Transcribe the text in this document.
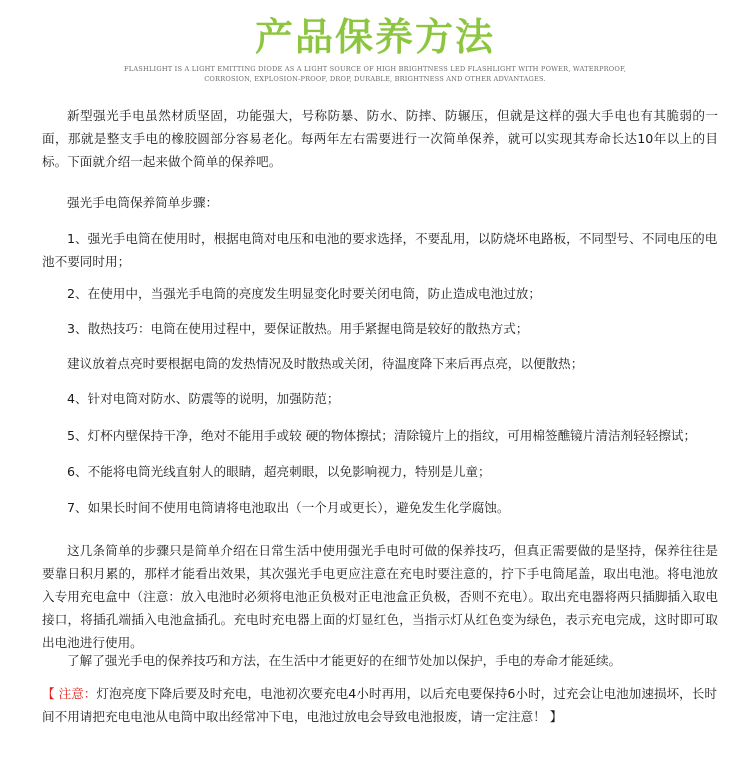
产品保养方法
FLASHLIGHT IS A LIGHT EMITTING DIODE AS A LIGHT SOURCE OF HIGH BRIGHTNESS LED FLASHLIGHT WITH POWER, WATERPROOF, CORROSION, EXPLOSION-PROOF, DROP, DURABLE, BRIGHTNESS AND OTHER ADVANTAGES.

新型强光手电虽然材质坚固，功能强大，号称防暴、防水、防摔、防辗压，但就是这样的强大手电也有其脆弱的一面，那就是整支手电的橡胶圆部分容易老化。每两年左右需要进行一次简单保养，就可以实现其寿命长达10年以上的目标。下面就介绍一起来做个简单的保养吧。

强光手电筒保养简单步骤：

1、强光手电筒在使用时，根据电筒对电压和电池的要求选择，不要乱用，以防烧坏电路板，不同型号、不同电压的电池不要同时用；

2、在使用中，当强光手电筒的亮度发生明显变化时要关闭电筒，防止造成电池过放；

3、散热技巧：电筒在使用过程中，要保证散热。用手紧握电筒是较好的散热方式；

建议放着点亮时要根据电筒的发热情况及时散热或关闭，待温度降下来后再点亮，以便散热；

4、针对电筒对防水、防震等的说明，加强防范；

5、灯杯内壁保持干净，绝对不能用手或较 硬的物体擦拭；清除镜片上的指纹，可用棉签醮镜片清洁剂轻轻擦试；

6、不能将电筒光线直射人的眼睛，超亮刺眼，以免影响视力，特别是儿童；

7、如果长时间不使用电筒请将电池取出（一个月或更长），避免发生化学腐蚀。

这几条简单的步骤只是简单介绍在日常生活中使用强光手电时可做的保养技巧，但真正需要做的是坚持，保养往往是要靠日积月累的，那样才能看出效果，其次强光手电更应注意在充电时要注意的，拧下手电筒尾盖，取出电池。将电池放入专用充电盒中（注意：放入电池时必须将电池正负极对正电池盒正负极，否则不充电）。取出充电器将两只插脚插入取电接口，将插孔端插入电池盒插孔。充电时充电器上面的灯显红色，当指示灯从红色变为绿色，表示充电完成，这时即可取出电池进行使用。

了解了强光手电的保养技巧和方法，在生活中才能更好的在细节处加以保护，手电的寿命才能延续。

【 注意：灯泡亮度下降后要及时充电，电池初次要充电4小时再用，以后充电要保持6小时，过充会让电池加速损坏，长时间不用请把充电电池从电筒中取出经常冲下电，电池过放电会导致电池报废，请一定注意！ 】
